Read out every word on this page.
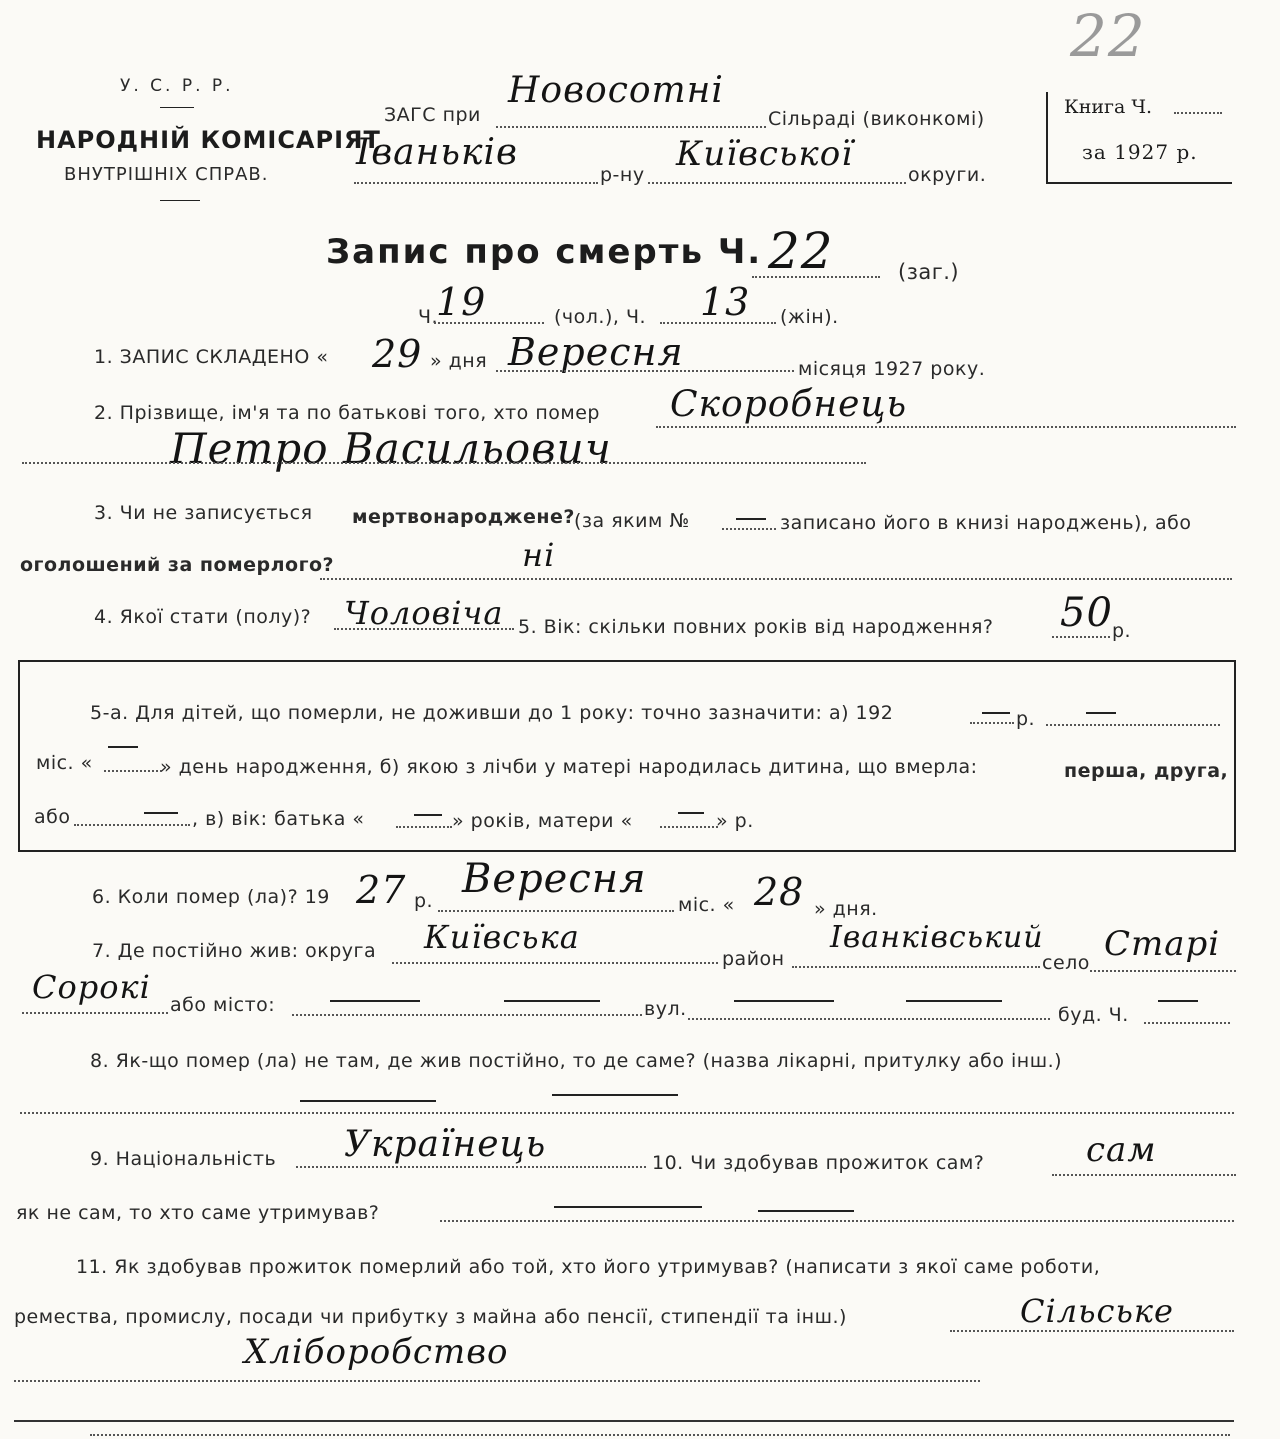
У. С. Р. Р.
НАРОДНІЙ КОМІСАРІЯТ
ВНУТРІШНІХ СПРАВ.
ЗАГС при
Новосотні
Сільраді (виконкомі)
Іваньків
р-ну
Київської
округи.
Книга Ч.
за 1927 р.
22
Запис про смерть Ч. 22	(заг.)
Ч.
19	(чол.), Ч. 13 (жін).
1. ЗАПИС СКЛАДЕНО « 29 » дня Вересня	місяця 1927 року.
2. Прізвище, ім'я та по батькові того, хто помер Скоробнець
Петро Васильович
3. Чи не записується мертвонароджене? (за яким №	записано його в книзі народжень), або
оголошений за померлого?	ні
4. Якої стати (полу)? Чоловіча 5. Вік: скільки повних років від народження? 50 р.
5-а. Для дітей, що померли, не доживши до 1 року: точно зазначити: а) 192	р.
міс. «	» день народження, б) якою з лічби у матері народилась дитина, що вмерла:	перша, друга,
або	, в) вік: батька «	» років, матери «	» р.
6. Коли помер (ла)? 19 27 р. Вересня
міс. « 28 » дня.
7. Де постійно жив: округа Київська
район
Іванківський
село Старі
Сорокі або місто:	вул.	буд. Ч.
8. Як-що помер (ла) не там, де жив постійно, то де саме? (назва лікарні, притулку або інш.)
9. Національність Українець	10. Чи здобував прожиток сам?	сам
як не сам, то хто саме утримував?
11. Як здобував прожиток померлий або той, хто його утримував? (написати з якої саме роботи,
ремества, промислу, посади чи прибутку з майна або пенсії, стипендії та інш.)	Сільське
Хліборобство
